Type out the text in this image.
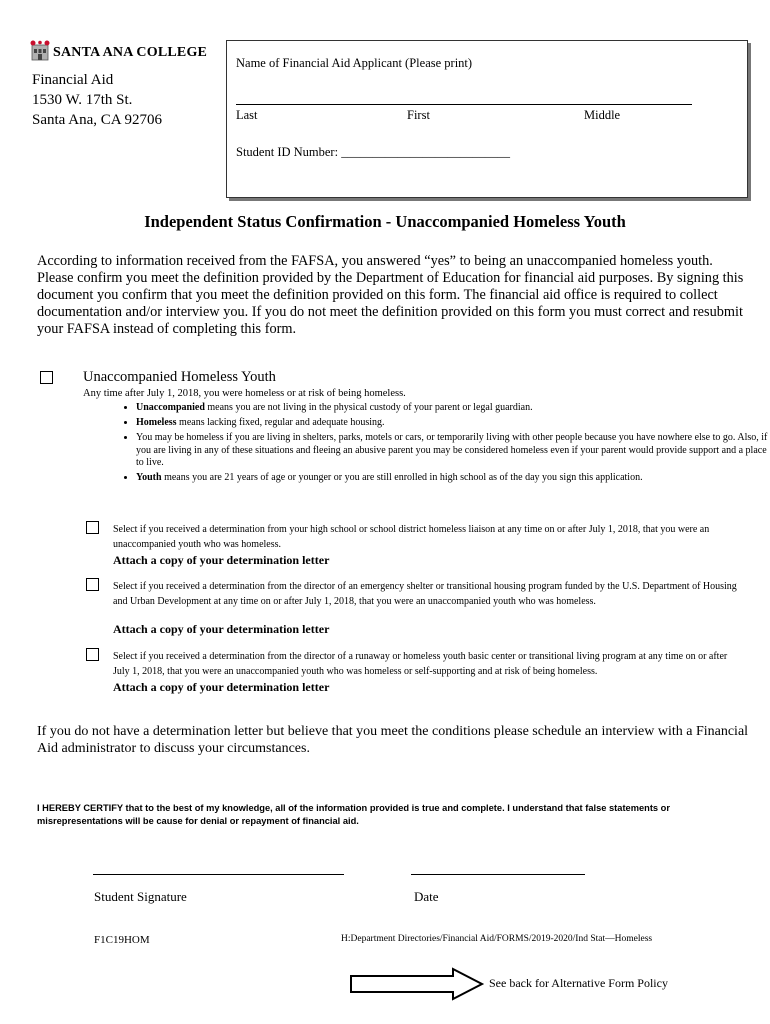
SANTA ANA COLLEGE
Financial Aid
1530 W. 17th St.
Santa Ana, CA 92706
Name of Financial Aid Applicant (Please print)
Last	First	Middle
Student ID Number: ___________________________
Independent Status Confirmation - Unaccompanied Homeless Youth
According to information received from the FAFSA, you answered “yes” to being an unaccompanied homeless youth. Please confirm you meet the definition provided by the Department of Education for financial aid purposes. By signing this document you confirm that you meet the definition provided on this form. The financial aid office is required to collect documentation and/or interview you. If you do not meet the definition provided on this form you must correct and resubmit your FAFSA instead of completing this form.
Unaccompanied Homeless Youth
Any time after July 1, 2018, you were homeless or at risk of being homeless.
• Unaccompanied means you are not living in the physical custody of your parent or legal guardian.
• Homeless means lacking fixed, regular and adequate housing.
• You may be homeless if you are living in shelters, parks, motels or cars, or temporarily living with other people because you have nowhere else to go. Also, if you are living in any of these situations and fleeing an abusive parent you may be considered homeless even if your parent would provide support and a place to live.
• Youth means you are 21 years of age or younger or you are still enrolled in high school as of the day you sign this application.
Select if you received a determination from your high school or school district homeless liaison at any time on or after July 1, 2018, that you were an unaccompanied youth who was homeless.
Attach a copy of your determination letter
Select if you received a determination from the director of an emergency shelter or transitional housing program funded by the U.S. Department of Housing and Urban Development at any time on or after July 1, 2018, that you were an unaccompanied youth who was homeless.
Attach a copy of your determination letter
Select if you received a determination from the director of a runaway or homeless youth basic center or transitional living program at any time on or after July 1, 2018, that you were an unaccompanied youth who was homeless or self-supporting and at risk of being homeless.
Attach a copy of your determination letter
If you do not have a determination letter but believe that you meet the conditions please schedule an interview with a Financial Aid administrator to discuss your circumstances.
I HEREBY CERTIFY that to the best of my knowledge, all of the information provided is true and complete. I understand that false statements or misrepresentations will be cause for denial or repayment of financial aid.
Student Signature	Date
F1C19HOM	H:Department Directories/Financial Aid/FORMS/2019-2020/Ind Stat—Homeless
See back for Alternative Form Policy
